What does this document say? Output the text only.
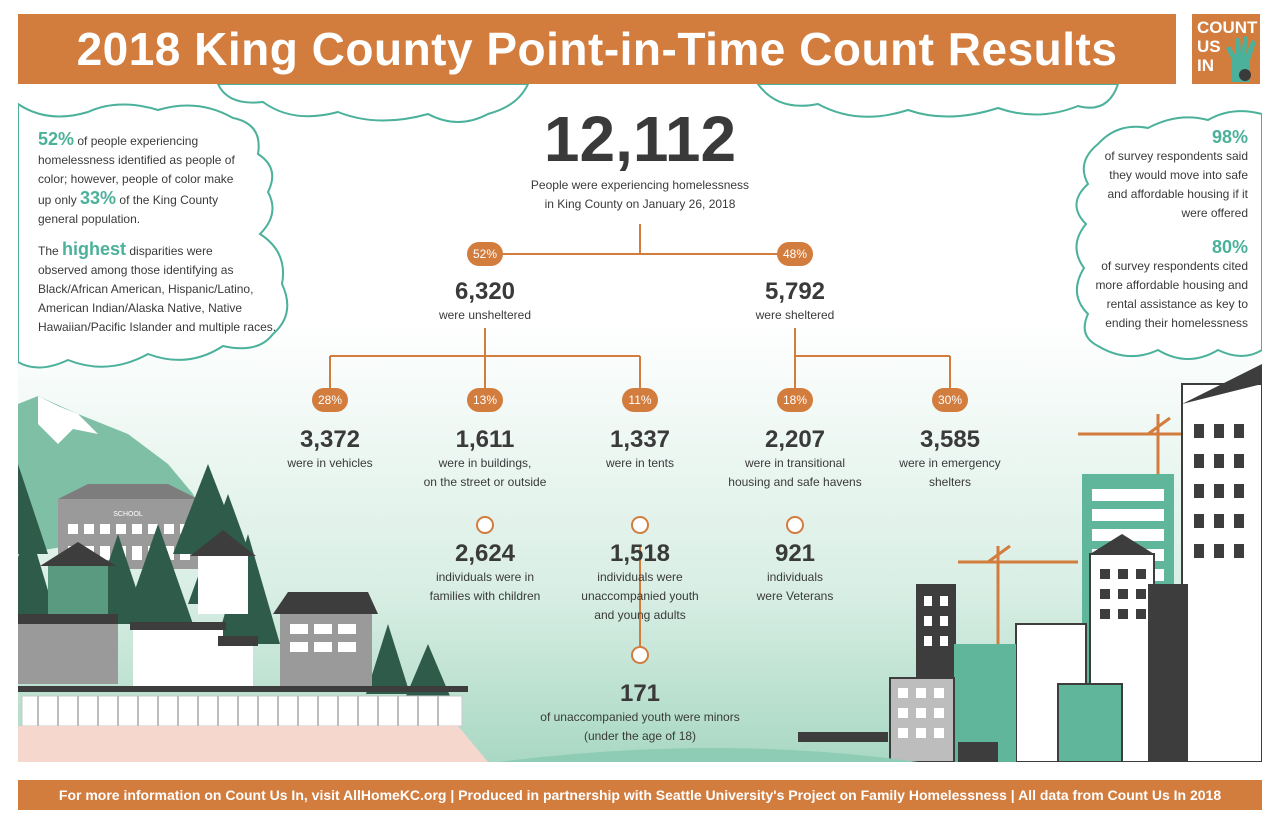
2018 King County Point-in-Time Count Results	COUNT
US
IN
SCHOOL
52% of people experiencing
homelessness identified as people of
color; however, people of color make
up only 33% of the King County
general population.
The highest disparities were
observed among those identifying as
Black/African American, Hispanic/Latino,
American Indian/Alaska Native, Native
Hawaiian/Pacific Islander and multiple races.
98%
of survey respondents said
they would move into safe
and affordable housing if it
were offered
80%
of survey respondents cited
more affordable housing and
rental assistance as key to
ending their homelessness
12,112
People were experiencing homelessness
in King County on January 26, 2018
52%	48%
6,320
were unsheltered
5,792
were sheltered
28%	13%	11%	18%	30%
3,372
were in vehicles
1,611
were in buildings,
on the street or outside
1,337
were in tents
2,207
were in transitional
housing and safe havens
3,585
were in emergency
shelters
2,624
individuals were in
families with children
1,518
individuals were
unaccompanied youth
and young adults
921
individuals
were Veterans
171
of unaccompanied youth were minors
(under the age of 18)
For more information on Count Us In, visit AllHomeKC.org | Produced in partnership with Seattle University's Project on Family Homelessness | All data from Count Us In 2018
